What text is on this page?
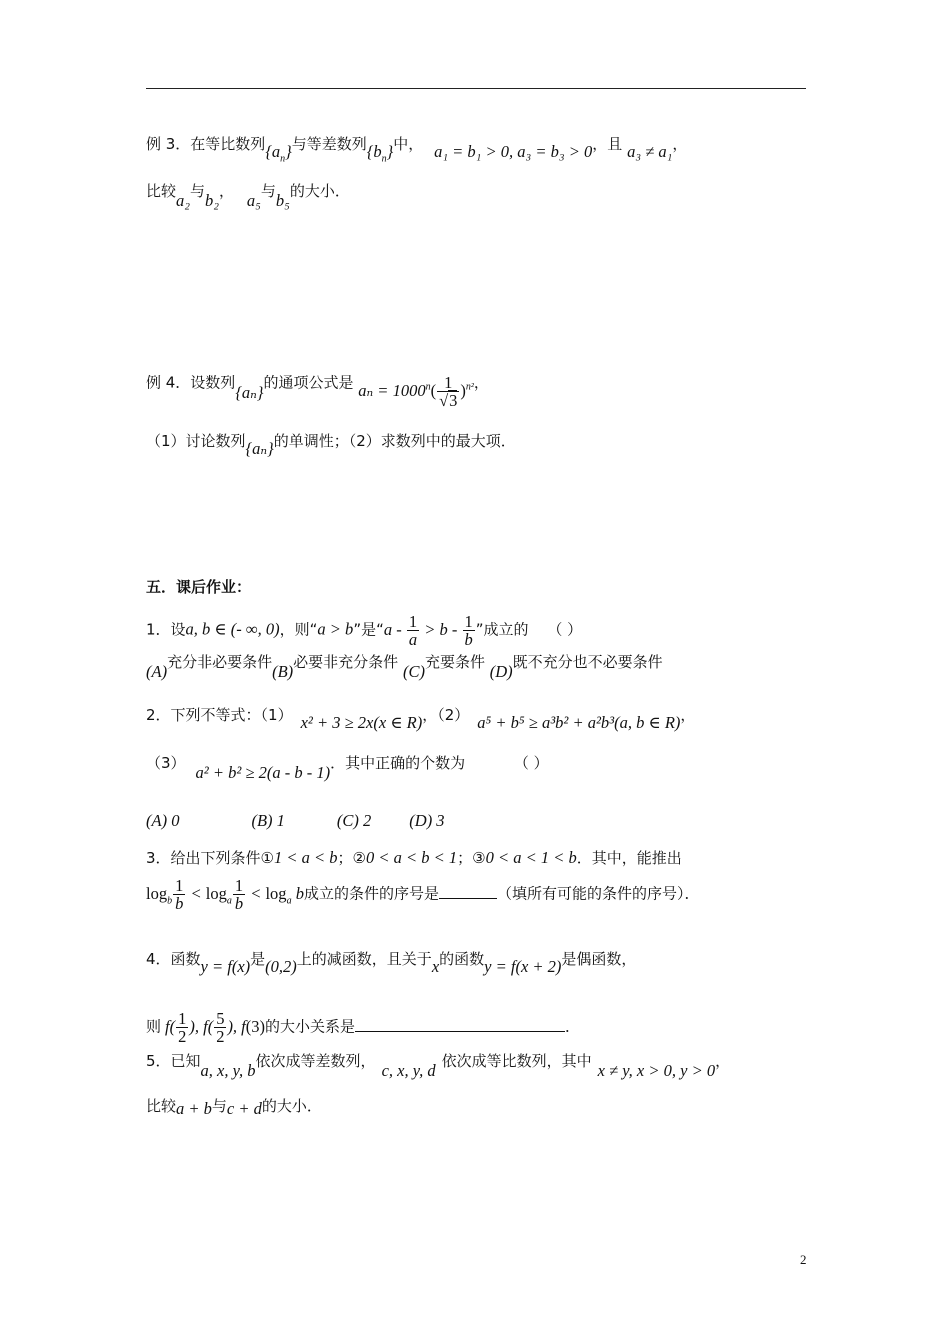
例 3．在等比数列$\{a_n\}$与等差数列$\{b_n\}$中， a₁ = b₁ > 0, a₃ = b₃ > 0，且 a₃ ≠ a₁，
比较a₂与b₂， a₅与b₅的大小．
例 4．设数列{aₙ}的通项公式是 $a_n = 1000^n( \frac{1}{√3} )^{n^2}$，
（1）讨论数列{aₙ}的单调性；（2）求数列中的最大项．
五．课后作业：
1．设a, b ∈ (- ∞, 0)，则“a > b”是“$a - \frac{1}{a} > b - \frac{1}{b}$ ”成立的 （ ）
(A)充分非必要条件(B)必要非充分条件 (C)充要条件 (D)既不充分也不必要条件
2．下列不等式：（1） x² + 3 ≥ 2x(x ∈ R)，（2） a⁵ + b⁵ ≥ a³b² + a²b³(a, b ∈ R)，
（3） a² + b² ≥ 2(a - b - 1)．其中正确的个数为	（ ）
(A) 0	(B) 1	(C) 2 (D) 3
3．给出下列条件①1 < a < b；②0 < a < b < 1；③0 < a < 1 < b．其中，能推出
$\log_b \frac{1}{b} < \log_a \frac{1}{b} < \log_a b$成立的条件的序号是	（填所有可能的条件的序号）．
4．函数y = f(x)是(0,2)上的减函数，且关于x的函数y = f(x + 2)是偶函数，
则 $f( \frac{1}{2}$ ), $f( \frac{5}{2}$ ), f(3)的大小关系是	．
5．已知a, x, y, b依次成等差数列， c, x, y, d 依次成等比数列，其中 x ≠ y, x > 0, y > 0，
比较a + b与c + d的大小．
2
